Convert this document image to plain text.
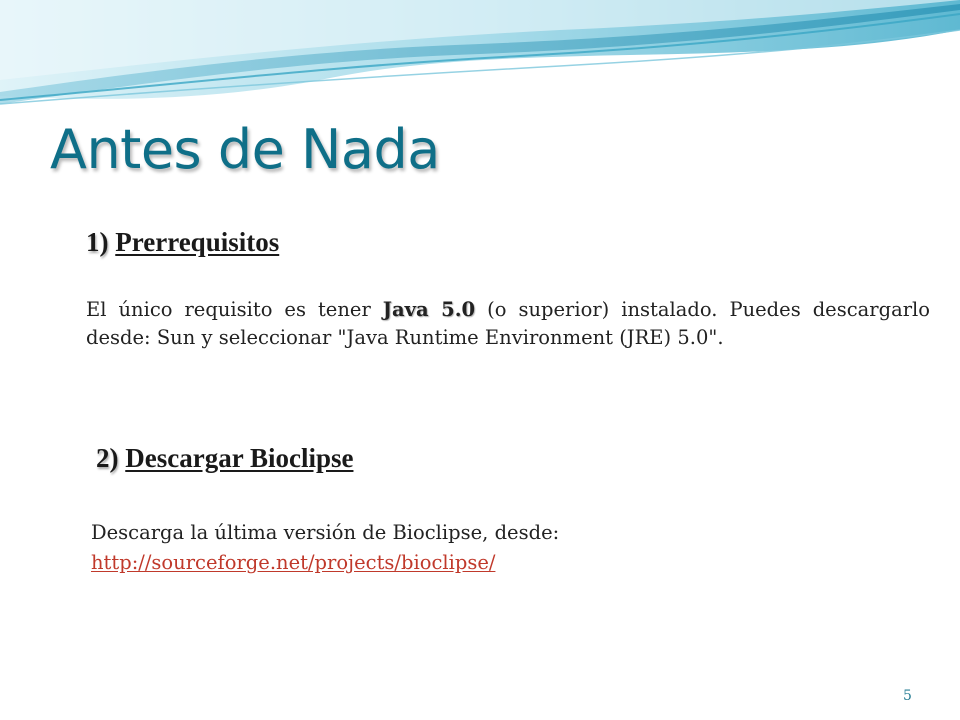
Antes de Nada
1) Prerrequisitos
El único requisito es tener Java 5.0 (o superior) instalado. Puedes descargarlo desde: Sun y seleccionar "Java Runtime Environment (JRE) 5.0".
2) Descargar Bioclipse
Descarga la última versión de Bioclipse, desde:
http://sourceforge.net/projects/bioclipse/
5
